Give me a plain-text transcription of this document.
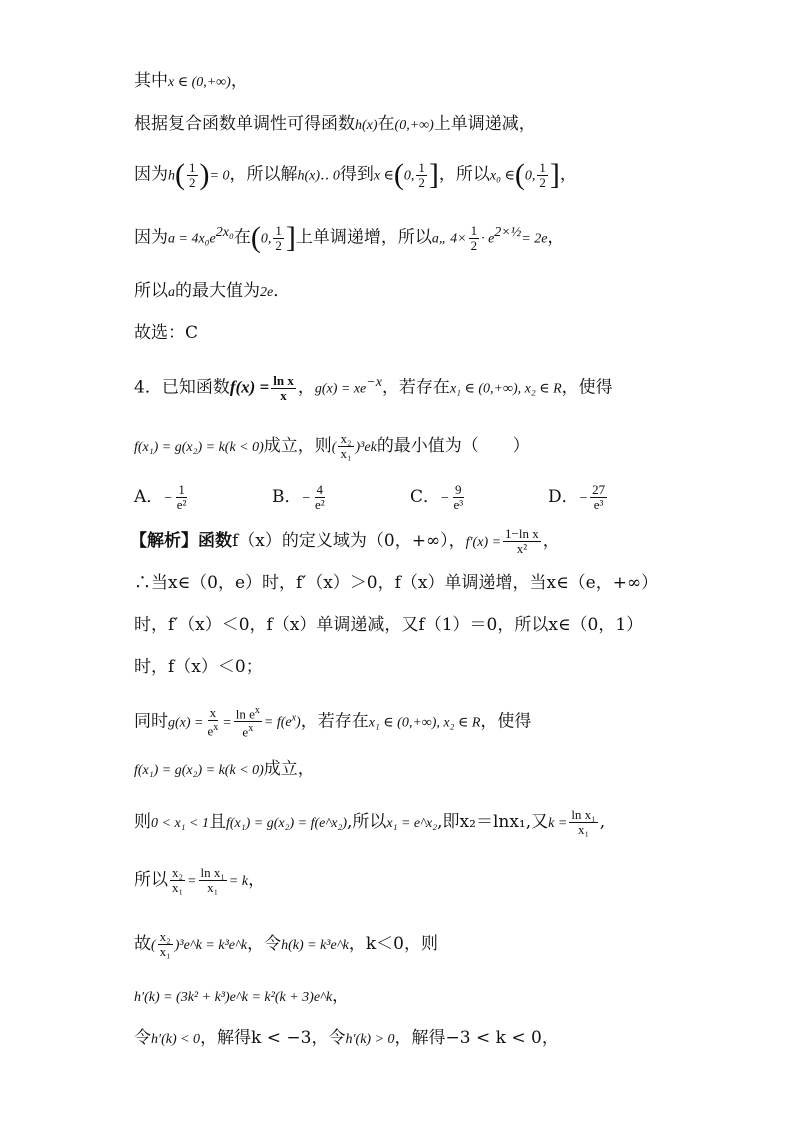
其中x ∈ (0,+∞)，
根据复合函数单调性可得函数h(x)在(0,+∞)上单调递减，
因为$h( \frac{1}{2}$ )= 0，所以解h(x)‥ 0得到x ∈(0, $\frac{1}{2}$ ]，所以x₀ ∈(0, $\frac{1}{2}$ ]，
因为$a = 4x_0e^{2x_0}$在(0, $\frac{1}{2}$ ]上单调递增，所以a„ $4\times \frac{1}{2} \cdot e^{2\times\frac{1}{2}}= 2e$，
所以a的最大值为2e．
故选：C
4．已知函数$f(x) = \frac{\text{ln x}}{x}$ ，$g(x) = xe^{-x}$，若存在x₁ ∈ (0,+∞), x₂ ∈ R，使得
f(x₁) = g(x₂) = k(k < 0)成立，则( $\frac{\text{x₂}}{\text{x₁}} )^3ek$的最小值为（　　）
A．− $\frac{1}{\text{e²}}$	B．− $\frac{4}{\text{e²}}$	C．− $\frac{9}{\text{e³}}$	D．− $\frac{27}{\text{e³}}$
【解析】函数f（x）的定义域为（0，+∞），$f'(x) = \frac{\text{1−ln x}}{\text{x²}}$ ，
∴当x∈（0，e）时，f′（x）＞0，f（x）单调递增，当x∈（e，+∞）
时，f′（x）＜0，f（x）单调递减，又f（1）＝0，所以x∈（0，1）
时，f（x）＜0；
同时$g(x) = \frac{x}{e^x} = \frac{\ln e^x}{e^x} = f(e^x)$，若存在x₁ ∈ (0,+∞), x₂ ∈ R，使得
f(x₁) = g(x₂) = k(k < 0)成立，
则0 < x₁ < 1且f(x₁) = g(x₂) = f(e^x₂),所以x₁ = e^x₂,即x₂＝lnx₁,又$k = \frac{\text{ln x₁}}{\text{x₁}}$ ,
所以 $\frac{\text{x₂}}{\text{x₁}} = \frac{\text{ln x₁}}{\text{x₁}} = k$，
故( $\frac{\text{x₂}}{\text{x₁}}$ )³e^k = k³e^k，令h(k) = k³e^k，k＜0，则
h′(k) = (3k² + k³)e^k = k²(k + 3)e^k，
令h′(k) < 0，解得k < −3，令h′(k) > 0，解得−3 < k < 0，
